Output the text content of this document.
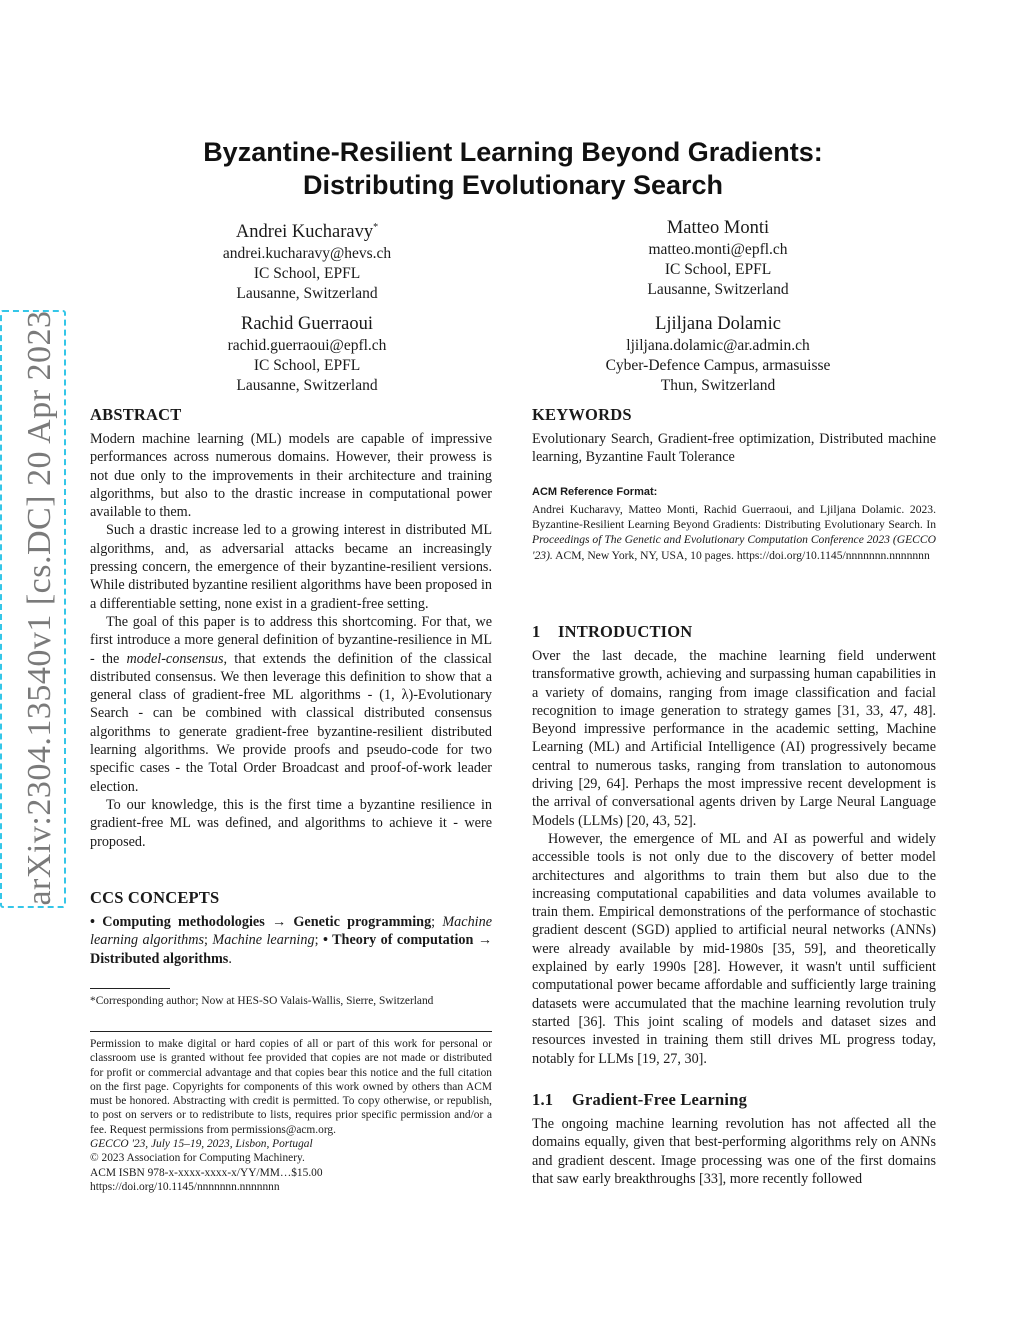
arXiv:2304.13540v1 [cs.DC] 20 Apr 2023
Byzantine-Resilient Learning Beyond Gradients:
Distributing Evolutionary Search
Andrei Kucharavy*
andrei.kucharavy@hevs.ch
IC School, EPFL
Lausanne, Switzerland
Matteo Monti
matteo.monti@epfl.ch
IC School, EPFL
Lausanne, Switzerland
Rachid Guerraoui
rachid.guerraoui@epfl.ch
IC School, EPFL
Lausanne, Switzerland
Ljiljana Dolamic
ljiljana.dolamic@ar.admin.ch
Cyber-Defence Campus, armasuisse
Thun, Switzerland
ABSTRACT

Modern machine learning (ML) models are capable of impressive performances across numerous domains. However, their prowess is not due only to the improvements in their architecture and training algorithms, but also to the drastic increase in computational power available to them.

Such a drastic increase led to a growing interest in distributed ML algorithms, and, as adversarial attacks became an increasingly pressing concern, the emergence of their byzantine-resilient versions. While distributed byzantine resilient algorithms have been proposed in a differentiable setting, none exist in a gradient-free setting.

The goal of this paper is to address this shortcoming. For that, we first introduce a more general definition of byzantine-resilience in ML - the model-consensus, that extends the definition of the classical distributed consensus. We then leverage this definition to show that a general class of gradient-free ML algorithms - (1, λ)-Evolutionary Search - can be combined with classical distributed consensus algorithms to generate gradient-free byzantine-resilient distributed learning algorithms. We provide proofs and pseudo-code for two specific cases - the Total Order Broadcast and proof-of-work leader election.

To our knowledge, this is the first time a byzantine resilience in gradient-free ML was defined, and algorithms to achieve it - were proposed.

CCS CONCEPTS
• Computing methodologies → Genetic programming; Machine learning algorithms; Machine learning; • Theory of computation → Distributed algorithms.
*Corresponding author; Now at HES-SO Valais-Wallis, Sierre, Switzerland
Permission to make digital or hard copies of all or part of this work for personal or classroom use is granted without fee provided that copies are not made or distributed for profit or commercial advantage and that copies bear this notice and the full citation on the first page. Copyrights for components of this work owned by others than ACM must be honored. Abstracting with credit is permitted. To copy otherwise, or republish, to post on servers or to redistribute to lists, requires prior specific permission and/or a fee. Request permissions from permissions@acm.org.
GECCO '23, July 15–19, 2023, Lisbon, Portugal
© 2023 Association for Computing Machinery.
ACM ISBN 978-x-xxxx-xxxx-x/YY/MM…$15.00
https://doi.org/10.1145/nnnnnnn.nnnnnnn
KEYWORDS
Evolutionary Search, Gradient-free optimization, Distributed machine learning, Byzantine Fault Tolerance
ACM Reference Format:
Andrei Kucharavy, Matteo Monti, Rachid Guerraoui, and Ljiljana Dolamic. 2023. Byzantine-Resilient Learning Beyond Gradients: Distributing Evolutionary Search. In Proceedings of The Genetic and Evolutionary Computation Conference 2023 (GECCO '23). ACM, New York, NY, USA, 10 pages. https://doi.org/10.1145/nnnnnnn.nnnnnnn
1 INTRODUCTION

Over the last decade, the machine learning field underwent transformative growth, achieving and surpassing human capabilities in a variety of domains, ranging from image classification and facial recognition to image generation to strategy games [31, 33, 47, 48]. Beyond impressive performance in the academic setting, Machine Learning (ML) and Artificial Intelligence (AI) progressively became central to numerous tasks, ranging from translation to autonomous driving [29, 64]. Perhaps the most impressive recent development is the arrival of conversational agents driven by Large Neural Language Models (LLMs) [20, 43, 52].

However, the emergence of ML and AI as powerful and widely accessible tools is not only due to the discovery of better model architectures and algorithms to train them but also due to the increasing computational capabilities and data volumes available to train them. Empirical demonstrations of the performance of stochastic gradient descent (SGD) applied to artificial neural networks (ANNs) were already available by mid-1980s [35, 59], and theoretically explained by early 1990s [28]. However, it wasn't until sufficient computational power became affordable and sufficiently large training datasets were accumulated that the machine learning revolution truly started [36]. This joint scaling of models and dataset sizes and resources invested in training them still drives ML progress today, notably for LLMs [19, 27, 30].

1.1 Gradient-Free Learning

The ongoing machine learning revolution has not affected all the domains equally, given that best-performing algorithms rely on ANNs and gradient descent. Image processing was one of the first domains that saw early breakthroughs [33], more recently followed
